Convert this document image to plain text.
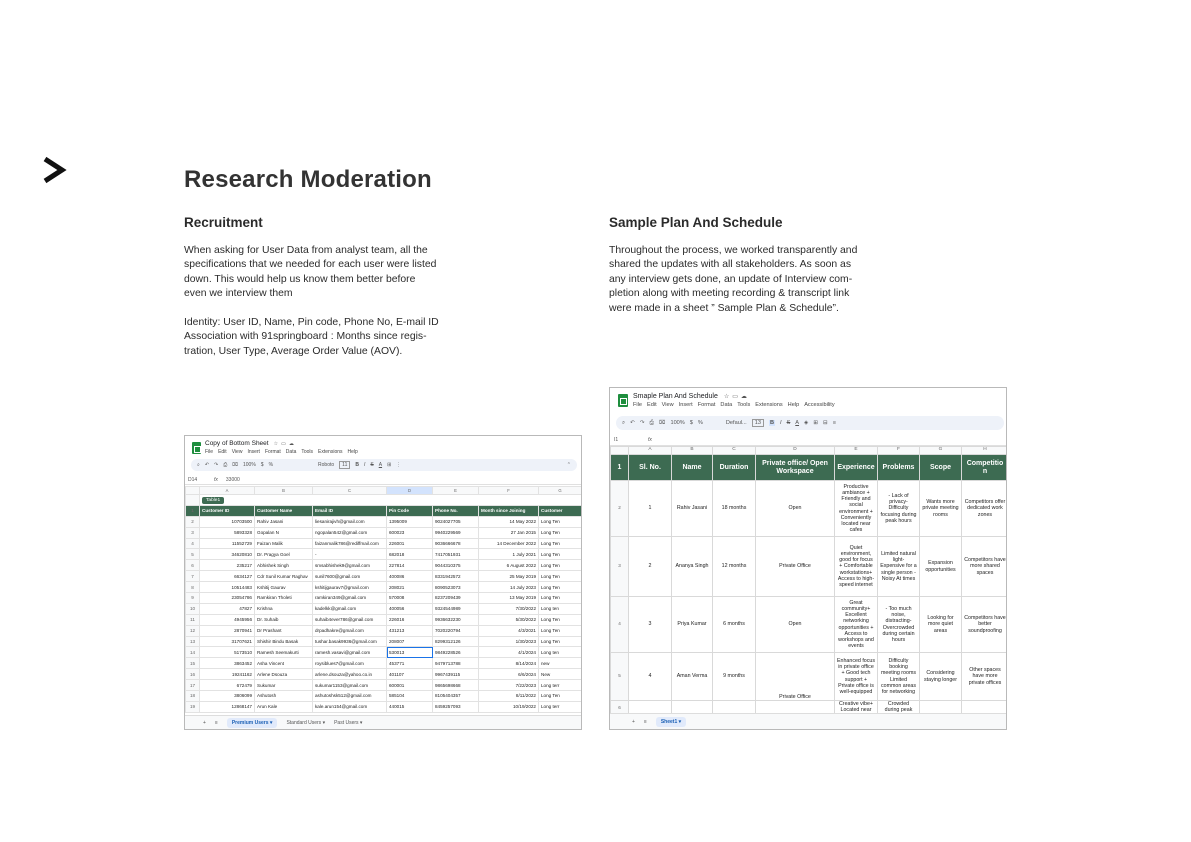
Research Moderation
Recruitment
When asking for User Data from analyst team, all the
specifications that we needed for each user were listed
down. This would help us know them better before
even we interview them
Identity: User ID, Name, Pin code, Phone No, E-mail ID
Association with 91springboard : Months since regis-
tration, User Type, Average Order Value (AOV).
Sample Plan And Schedule
Throughout the process, we worked transparently and
shared the updates with all stakeholders. As soon as
any interview gets done, an update of Interview com-
pletion along with meeting recording & transcript link
were made in a sheet ” Sample Plan & Schedule”.
Copy of Bottom Sheet ☆ ▭ ☁
File Edit View Insert Format Data Tools Extensions Help
⌕ ↶ ↷ ⎙ ⌧ 100% $ %	Roboto	11	B I S A ⊞ ⋮	⌃
D14	fx 33000
	A	B	C	D	E	F	G
	Table1						
1	Customer ID	Customer Name	Email ID	Pin Code	Phone No.	Month since Joining	Customer
2	10703500	Rahiv Jasani	liesanirajivh@gmail.com	1395009	9024027705	14 May 2022	Long Ten
3	5893328	Gopalan N	ngopalan542@gmail.com	600023	9940229569	27 Jan 2015	Long Ten
4	11552729	Faizan Malik	faizanmalik786@rediffmail.com	226001	9036666678	14 December 2022	Long Ten
5	34620810	Dr. Pragya Goel	-	682018	7417051931	1 July 2021	Long Ten
6	235217	Abhishek Singh	smsabhishek9@gmail.com	227814	9044310375	6 August 2022	Long Ten
7	6634127	Cdr Sunil Kumar Raghav	sunil7600@gmail.com	400086	8331942572	25 May 2019	Long Ten
8	10514483	Kshitij Gaurav	kshitijgaurav7@gmail.com	208021	8090523073	14 July 2023	Long Ten
9	23054786	Ramkiran Tholeti	ramkiran349@gmail.com	570008	8237209439	13 May 2019	Long Ten
10	47827	Krishna	kadelkk@gmail.com	400056	9324544989	7/30/2022	Long ten
11	4945956	Dr. Suhaib	suhaib4ever786@gmail.com	226016	9936632230	5/30/2022	Long Ten
12	2870941	Dr Prashant	drpadhakre@gmail.com	431213	7020220794	4/3/2021	Long Ten
13	31707621	Shishir Bindu Basak	tushar.basak9936@gmail.com	208007	8299312126	1/30/2023	Long Ten
14	5173510	Ramesh Seemakurti	ramesh.vasavi@gmail.com	530013	9849228526	4/1/2024	Long ten
15	3863452	Asha Vincent	roysiblues7@gmail.com	453771	9479713788	8/14/2024	new
16	19241162	Arlene Dsouza	arlene.dsouza@yahoo.co.in	401107	9967439115	6/6/2024	New
17	672479	Sukumar	sukumar1153@gmail.com	600001	9865698668	7/22/2023	Long terr
18	3806099	Ashutosh	ashutoshsk512@gmail.com	585104	8105404357	8/11/2022	Long Ten
19	12868147	Arun Kale	kale.arun154@gmail.com	440015	8459257093	10/19/2022	Long terr
+ ≡	Premium Users ▾	Standard Users ▾ Past Users ▾
Smaple Plan And Schedule ☆ ▭ ☁
File Edit View Insert Format Data Tools Extensions Help Accessibility
⌕ ↶ ↷ ⎙ ⌧ 100% $ %	Defaul...	13	B I S A ◈ ⊞ ⊟ ≡
I1	fx
	A	B	C	D	E	F	G	H
1	Sl. No.	Name	Duration	Private office/ Open Workspace	Experience	Problems	Scope	Competitio n
2	1	Rahiv Jasani	18 months	Open	Productive ambiance + Friendly and social environment + Conveniently located near cafes	- Lack of privacy- Difficulty focusing during peak hours	Wants more private meeting rooms	Competitors offer dedicated work zones
3	2	Ananya Singh	12 months	Private Office	Quiet environment, good for focus + Comfortable workstations+ Access to high-speed internet	Limited natural light- Expensive for a single person - Noisy At times	Expansion opportunities	Competitors have more shared spaces
4	3	Priya Kumar	6 months	Open	Great community+ Excellent networking opportunities + Access to workshops and events	- Too much noise, distracting- Overcrowded during certain hours	Looking for more quiet areas	Competitors have better soundproofing
5	4	Aman Verma	9 months	Private Office	Enhanced focus in private office + Good tech support + Private office is well-equipped	Difficulty booking meeting rooms Limited common areas for networking	Considering staying longer	Other spaces have more private offices
6					Creative vibe+ Located near	Crowded during peak		
+ ≡	Sheet1 ▾
